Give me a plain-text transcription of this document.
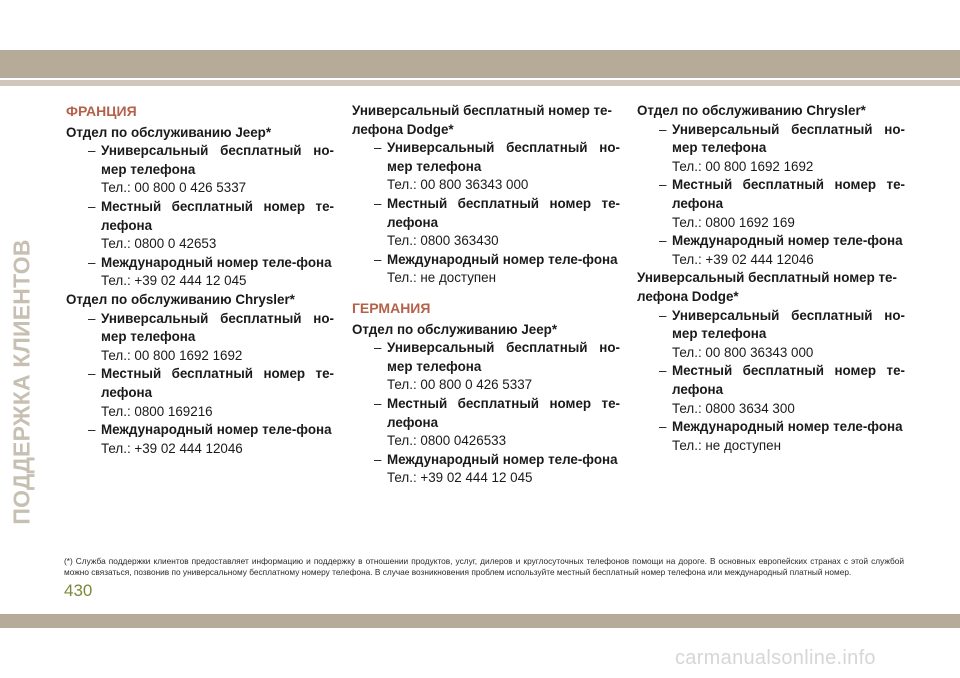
ПОДДЕРЖКА КЛИЕНТОВ
ФРАНЦИЯ
Отдел по обслуживанию Jeep*
– Универсальный бесплатный но-мер телефона
Тел.: 00 800 0 426 5337
– Местный бесплатный номер те-лефона
Тел.: 0800 0 42653
– Международный номер теле-фона
Тел.: +39 02 444 12 045
Отдел по обслуживанию Chrysler*
– Универсальный бесплатный но-мер телефона
Тел.: 00 800 1692 1692
– Местный бесплатный номер те-лефона
Тел.: 0800 169216
– Международный номер теле-фона
Тел.: +39 02 444 12046
Универсальный бесплатный номер те-лефона Dodge*
– Универсальный бесплатный но-мер телефона
Тел.: 00 800 36343 000
– Местный бесплатный номер те-лефона
Тел.: 0800 363430
– Международный номер теле-фона
Тел.: не доступен
ГЕРМАНИЯ
Отдел по обслуживанию Jeep*
– Универсальный бесплатный но-мер телефона
Тел.: 00 800 0 426 5337
– Местный бесплатный номер те-лефона
Тел.: 0800 0426533
– Международный номер теле-фона
Тел.: +39 02 444 12 045
Отдел по обслуживанию Chrysler*
– Универсальный бесплатный но-мер телефона
Тел.: 00 800 1692 1692
– Местный бесплатный номер те-лефона
Тел.: 0800 1692 169
– Международный номер теле-фона
Тел.: +39 02 444 12046
Универсальный бесплатный номер те-лефона Dodge*
– Универсальный бесплатный но-мер телефона
Тел.: 00 800 36343 000
– Местный бесплатный номер те-лефона
Тел.: 0800 3634 300
– Международный номер теле-фона
Тел.: не доступен
(*) Служба поддержки клиентов предоставляет информацию и поддержку в отношении продуктов, услуг, дилеров и круглосуточных телефонов помощи на дороге. В основных европейских странах с этой службой можно связаться, позвонив по универсальному бесплатному номеру телефона. В случае возникновения проблем используйте местный бесплатный номер телефона или международный платный номер.
430
carmanualsonline.info
